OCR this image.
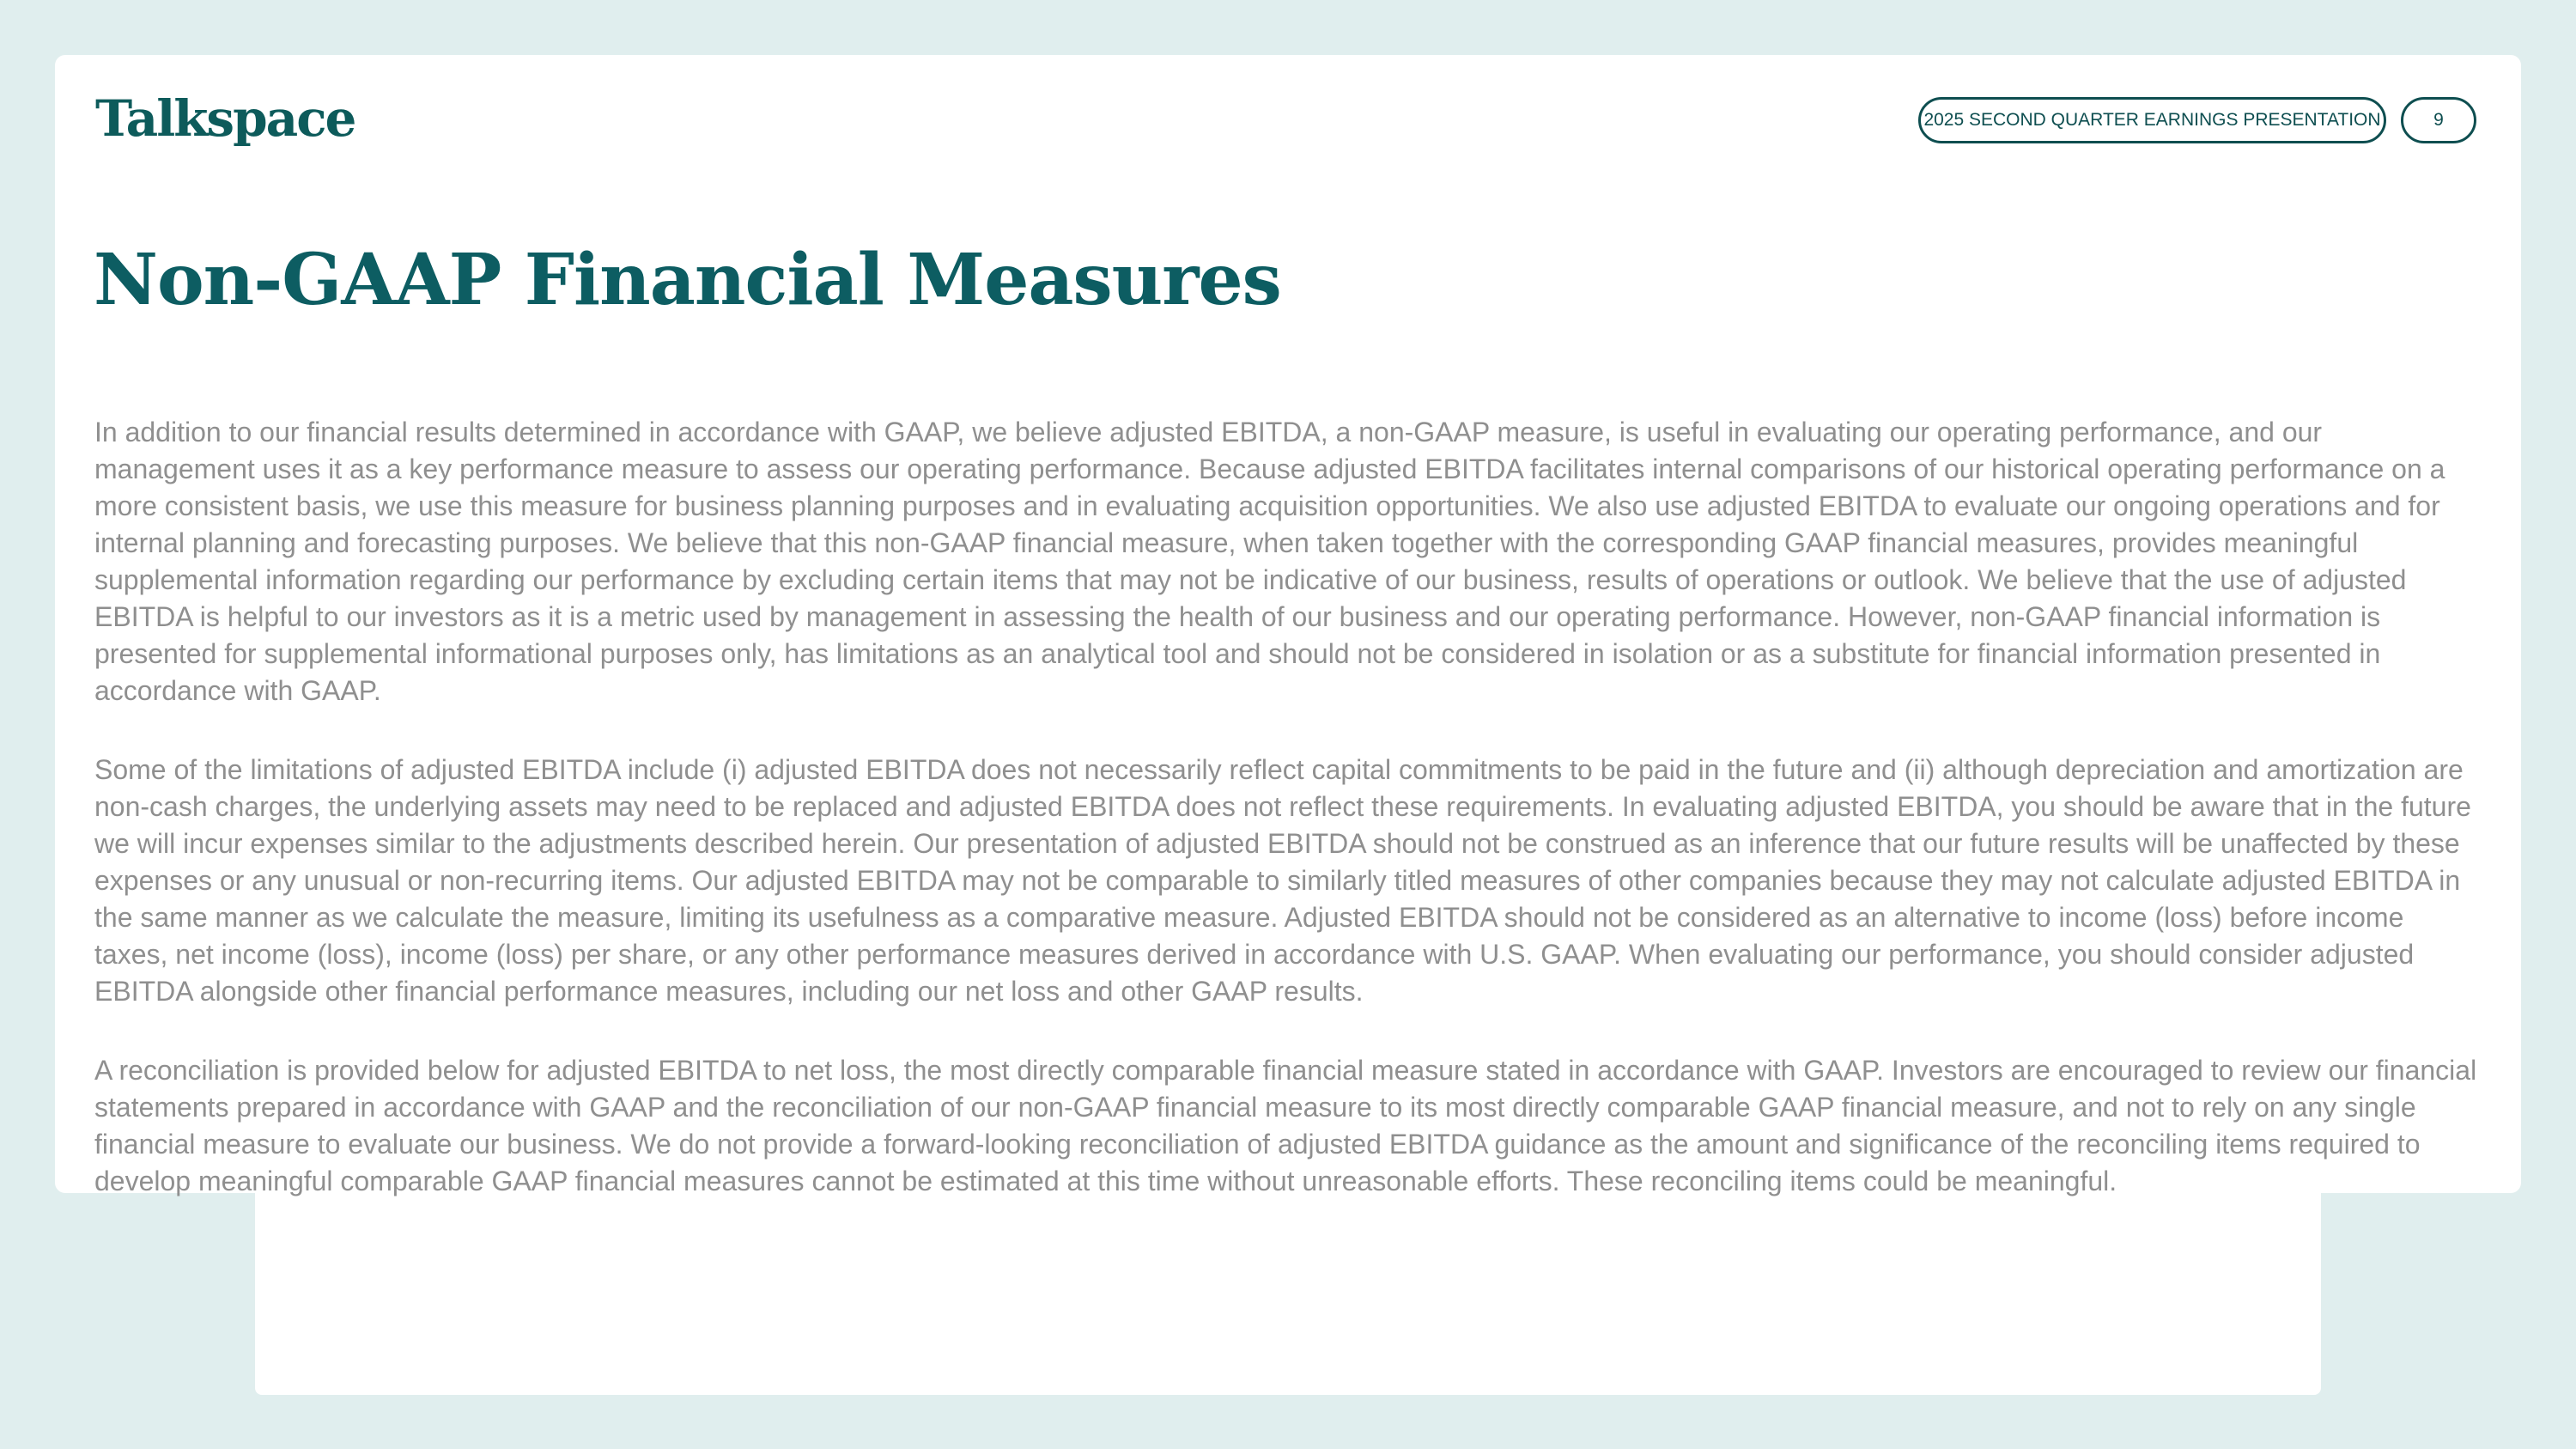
Talkspace	2025 SECOND QUARTER EARNINGS PRESENTATION	9
Non-GAAP Financial Measures

In addition to our financial results determined in accordance with GAAP, we believe adjusted EBITDA, a non-GAAP measure, is useful in evaluating our operating performance, and our management uses it as a key performance measure to assess our operating performance. Because adjusted EBITDA facilitates internal comparisons of our historical operating performance on a more consistent basis, we use this measure for business planning purposes and in evaluating acquisition opportunities. We also use adjusted EBITDA to evaluate our ongoing operations and for internal planning and forecasting purposes. We believe that this non-GAAP financial measure, when taken together with the corresponding GAAP financial measures, provides meaningful supplemental information regarding our performance by excluding certain items that may not be indicative of our business, results of operations or outlook. We believe that the use of adjusted EBITDA is helpful to our investors as it is a metric used by management in assessing the health of our business and our operating performance. However, non-GAAP financial information is presented for supplemental informational purposes only, has limitations as an analytical tool and should not be considered in isolation or as a substitute for financial information presented in accordance with GAAP.

Some of the limitations of adjusted EBITDA include (i) adjusted EBITDA does not necessarily reflect capital commitments to be paid in the future and (ii) although depreciation and amortization are non-cash charges, the underlying assets may need to be replaced and adjusted EBITDA does not reflect these requirements. In evaluating adjusted EBITDA, you should be aware that in the future we will incur expenses similar to the adjustments described herein. Our presentation of adjusted EBITDA should not be construed as an inference that our future results will be unaffected by these expenses or any unusual or non-recurring items. Our adjusted EBITDA may not be comparable to similarly titled measures of other companies because they may not calculate adjusted EBITDA in the same manner as we calculate the measure, limiting its usefulness as a comparative measure. Adjusted EBITDA should not be considered as an alternative to income (loss) before income taxes, net income (loss), income (loss) per share, or any other performance measures derived in accordance with U.S. GAAP. When evaluating our performance, you should consider adjusted EBITDA alongside other financial performance measures, including our net loss and other GAAP results.

A reconciliation is provided below for adjusted EBITDA to net loss, the most directly comparable financial measure stated in accordance with GAAP. Investors are encouraged to review our financial statements prepared in accordance with GAAP and the reconciliation of our non-GAAP financial measure to its most directly comparable GAAP financial measure, and not to rely on any single financial measure to evaluate our business. We do not provide a forward-looking reconciliation of adjusted EBITDA guidance as the amount and significance of the reconciling items required to develop meaningful comparable GAAP financial measures cannot be estimated at this time without unreasonable efforts. These reconciling items could be meaningful.
